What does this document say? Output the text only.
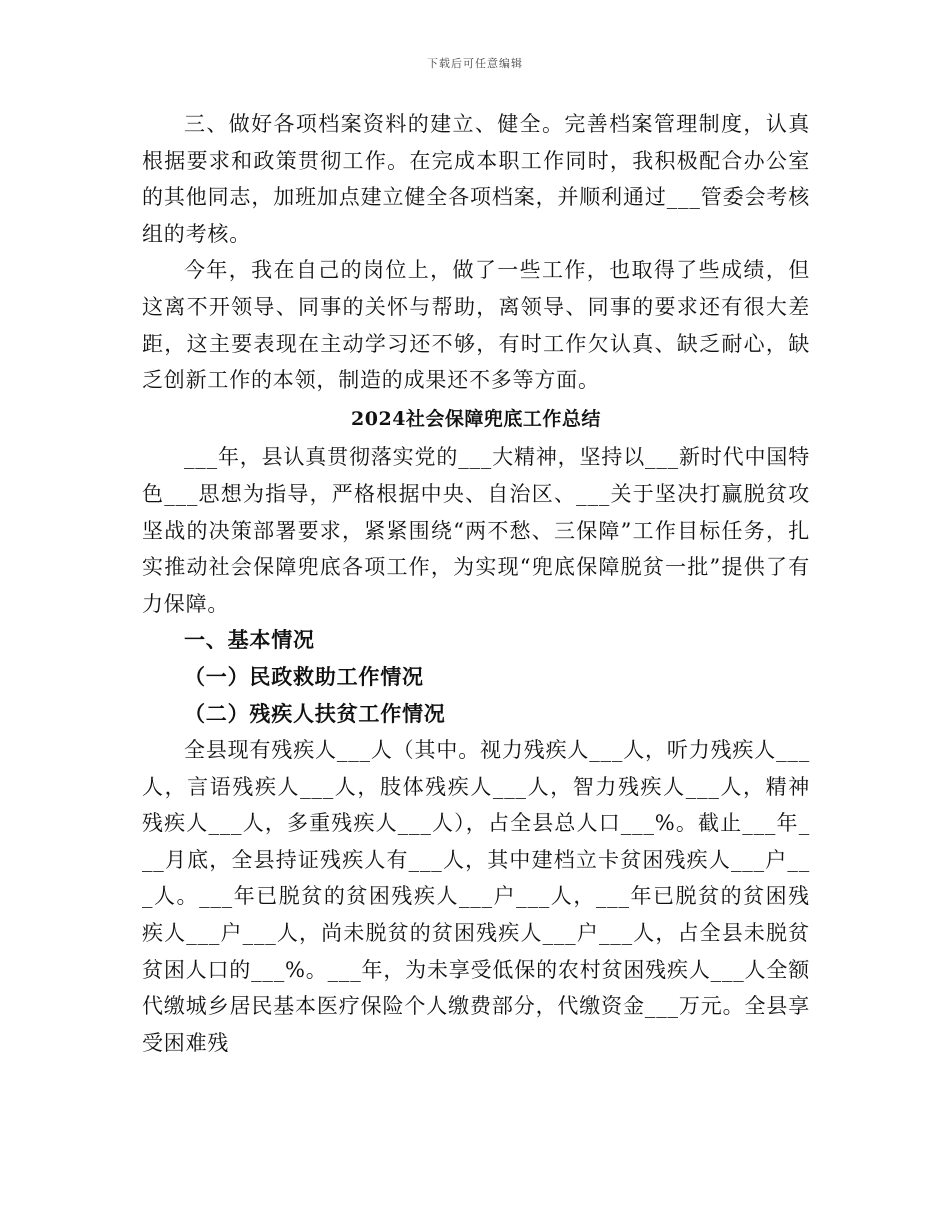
下载后可任意编辑

三、做好各项档案资料的建立、健全。完善档案管理制度，认真根据要求和政策贯彻工作。在完成本职工作同时，我积极配合办公室的其他同志，加班加点建立健全各项档案，并顺利通过___管委会考核组的考核。

今年，我在自己的岗位上，做了一些工作，也取得了些成绩，但这离不开领导、同事的关怀与帮助，离领导、同事的要求还有很大差距，这主要表现在主动学习还不够，有时工作欠认真、缺乏耐心，缺乏创新工作的本领，制造的成果还不多等方面。

2024社会保障兜底工作总结

___年，县认真贯彻落实党的___大精神，坚持以___新时代中国特色___思想为指导，严格根据中央、自治区、___关于坚决打赢脱贫攻坚战的决策部署要求，紧紧围绕“两不愁、三保障”工作目标任务，扎实推动社会保障兜底各项工作，为实现“兜底保障脱贫一批”提供了有力保障。

一、基本情况
（一）民政救助工作情况
（二）残疾人扶贫工作情况

全县现有残疾人___人（其中。视力残疾人___人，听力残疾人___人，言语残疾人___人，肢体残疾人___人，智力残疾人___人，精神残疾人___人，多重残疾人___人），占全县总人口___%。截止___年___月底，全县持证残疾人有___人，其中建档立卡贫困残疾人___户___人。___年已脱贫的贫困残疾人___户___人，___年已脱贫的贫困残疾人___户___人，尚未脱贫的贫困残疾人___户___人，占全县未脱贫贫困人口的___%。___年，为未享受低保的农村贫困残疾人___人全额代缴城乡居民基本医疗保险个人缴费部分，代缴资金___万元。全县享受困难残
